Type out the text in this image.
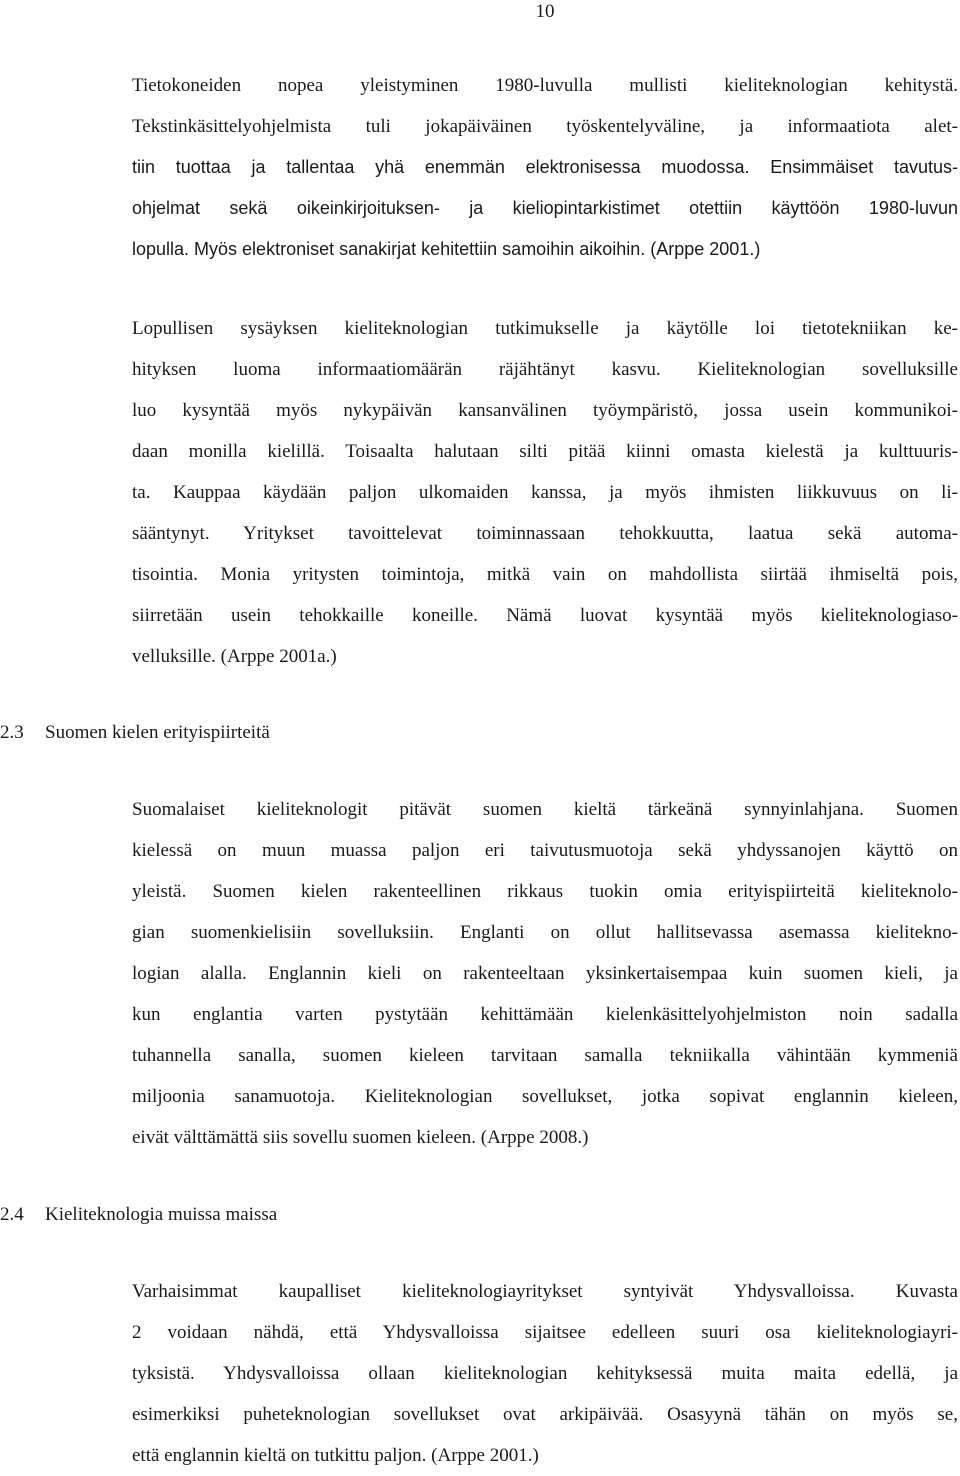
10
Tietokoneiden nopea yleistyminen 1980-luvulla mullisti kieliteknologian kehitystä.
Tekstinkäsittelyohjelmista tuli jokapäiväinen työskentelyväline, ja informaatiota alet-
tiin tuottaa ja tallentaa yhä enemmän elektronisessa muodossa. Ensimmäiset tavutus-
ohjelmat sekä oikeinkirjoituksen- ja kieliopintarkistimet otettiin käyttöön 1980-luvun
lopulla. Myös elektroniset sanakirjat kehitettiin samoihin aikoihin. (Arppe 2001.)
Lopullisen sysäyksen kieliteknologian tutkimukselle ja käytölle loi tietotekniikan ke-
hityksen luoma informaatiomäärän räjähtänyt kasvu. Kieliteknologian sovelluksille
luo kysyntää myös nykypäivän kansanvälinen työympäristö, jossa usein kommunikoi-
daan monilla kielillä. Toisaalta halutaan silti pitää kiinni omasta kielestä ja kulttuuris-
ta. Kauppaa käydään paljon ulkomaiden kanssa, ja myös ihmisten liikkuvuus on li-
sääntynyt. Yritykset tavoittelevat toiminnassaan tehokkuutta, laatua sekä automa-
tisointia. Monia yritysten toimintoja, mitkä vain on mahdollista siirtää ihmiseltä pois,
siirretään usein tehokkaille koneille. Nämä luovat kysyntää myös kieliteknologiaso-
velluksille. (Arppe 2001a.)
2.3 Suomen kielen erityispiirteitä
Suomalaiset kieliteknologit pitävät suomen kieltä tärkeänä synnyinlahjana. Suomen
kielessä on muun muassa paljon eri taivutusmuotoja sekä yhdyssanojen käyttö on
yleistä. Suomen kielen rakenteellinen rikkaus tuokin omia erityispiirteitä kieliteknolo-
gian suomenkielisiin sovelluksiin. Englanti on ollut hallitsevassa asemassa kielitekno-
logian alalla. Englannin kieli on rakenteeltaan yksinkertaisempaa kuin suomen kieli, ja
kun englantia varten pystytään kehittämään kielenkäsittelyohjelmiston noin sadalla
tuhannella sanalla, suomen kieleen tarvitaan samalla tekniikalla vähintään kymmeniä
miljoonia sanamuotoja. Kieliteknologian sovellukset, jotka sopivat englannin kieleen,
eivät välttämättä siis sovellu suomen kieleen. (Arppe 2008.)
2.4 Kieliteknologia muissa maissa
Varhaisimmat kaupalliset kieliteknologiayritykset syntyivät Yhdysvalloissa. Kuvasta
2 voidaan nähdä, että Yhdysvalloissa sijaitsee edelleen suuri osa kieliteknologiayri-
tyksistä. Yhdysvalloissa ollaan kieliteknologian kehityksessä muita maita edellä, ja
esimerkiksi puheteknologian sovellukset ovat arkipäivää. Osasyynä tähän on myös se,
että englannin kieltä on tutkittu paljon. (Arppe 2001.)
